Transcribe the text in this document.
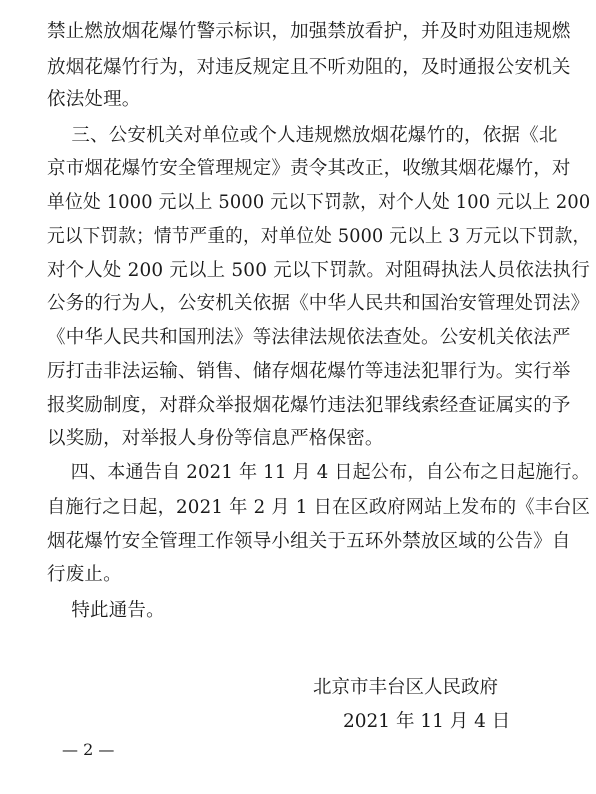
禁止燃放烟花爆竹警示标识，加强禁放看护，并及时劝阻违规燃
放烟花爆竹行为，对违反规定且不听劝阻的，及时通报公安机关
依法处理。
三、公安机关对单位或个人违规燃放烟花爆竹的，依据《北
京市烟花爆竹安全管理规定》责令其改正，收缴其烟花爆竹，对
单位处 1000 元以上 5000 元以下罚款，对个人处 100 元以上 200
元以下罚款；情节严重的，对单位处 5000 元以上 3 万元以下罚款，
对个人处 200 元以上 500 元以下罚款。对阻碍执法人员依法执行
公务的行为人，公安机关依据《中华人民共和国治安管理处罚法》
《中华人民共和国刑法》等法律法规依法查处。公安机关依法严
厉打击非法运输、销售、储存烟花爆竹等违法犯罪行为。实行举
报奖励制度，对群众举报烟花爆竹违法犯罪线索经查证属实的予
以奖励，对举报人身份等信息严格保密。
四、本通告自 2021 年 11 月 4 日起公布，自公布之日起施行。
自施行之日起，2021 年 2 月 1 日在区政府网站上发布的《丰台区
烟花爆竹安全管理工作领导小组关于五环外禁放区域的公告》自
行废止。
特此通告。
北京市丰台区人民政府
2021 年 11 月 4 日
— 2 —
